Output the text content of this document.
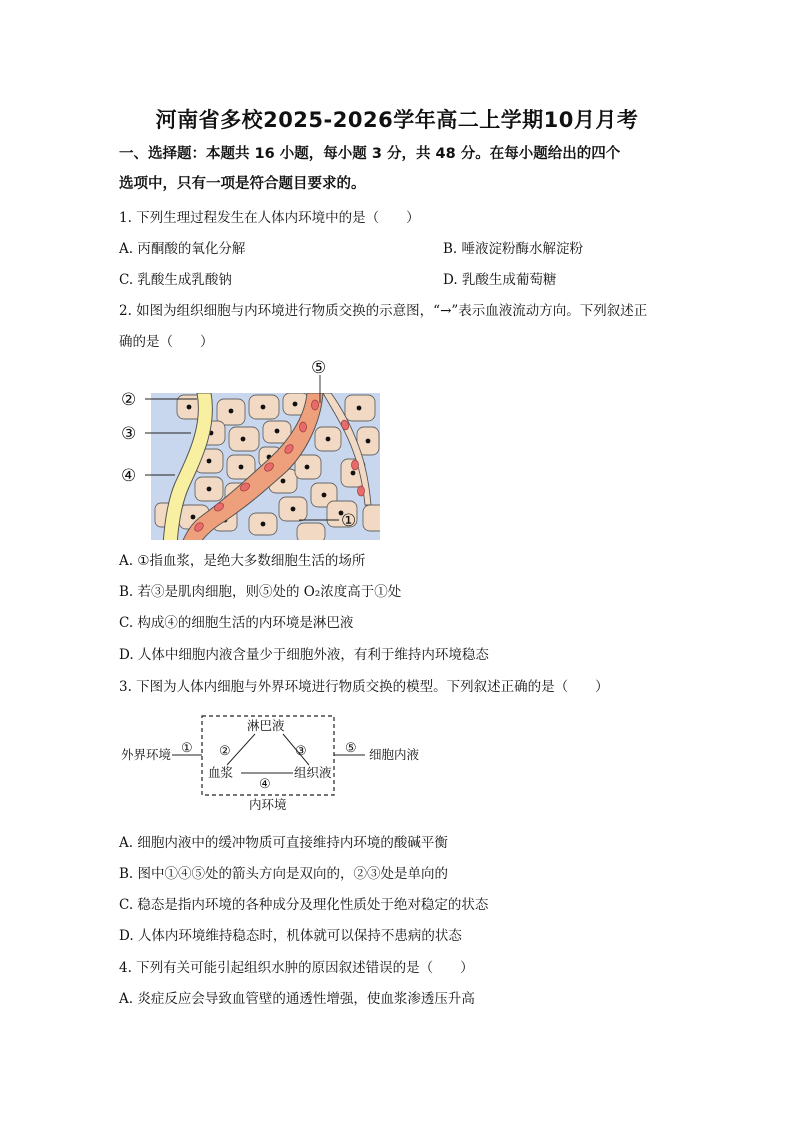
河南省多校2025-2026学年高二上学期10月月考
一、选择题：本题共 16 小题，每小题 3 分，共 48 分。在每小题给出的四个
选项中，只有一项是符合题目要求的。
1. 下列生理过程发生在人体内环境中的是（　　）
A. 丙酮酸的氧化分解	B. 唾液淀粉酶水解淀粉
C. 乳酸生成乳酸钠	D. 乳酸生成葡萄糖
2. 如图为组织细胞与内环境进行物质交换的示意图，“→”表示血液流动方向。下列叙述正
确的是（　　）
②
③
④
⑤
①
A. ①指血浆，是绝大多数细胞生活的场所
B. 若③是肌肉细胞，则⑤处的 O₂浓度高于①处
C. 构成④的细胞生活的内环境是淋巴液
D. 人体中细胞内液含量少于细胞外液，有利于维持内环境稳态
3. 下图为人体内细胞与外界环境进行物质交换的模型。下列叙述正确的是（　　）
外界环境 ①
淋巴液
②	③
血浆
④
组织液
⑤ 细胞内液
内环境
A. 细胞内液中的缓冲物质可直接维持内环境的酸碱平衡
B. 图中①④⑤处的箭头方向是双向的，②③处是单向的
C. 稳态是指内环境的各种成分及理化性质处于绝对稳定的状态
D. 人体内环境维持稳态时，机体就可以保持不患病的状态
4. 下列有关可能引起组织水肿的原因叙述错误的是（　　）
A. 炎症反应会导致血管壁的通透性增强，使血浆渗透压升高
